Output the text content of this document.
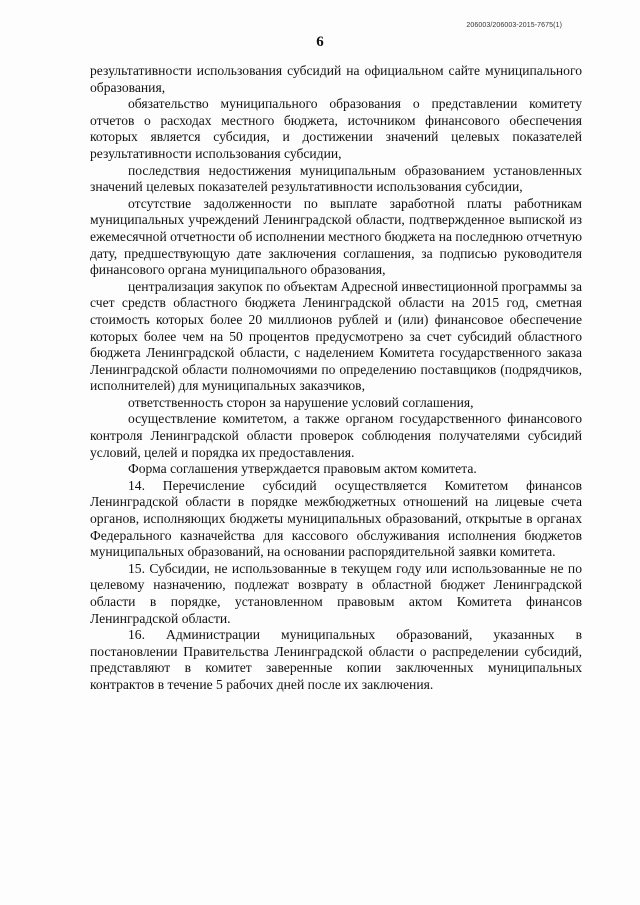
206003/206003-2015-7675(1)
6

результативности использования субсидий на официальном сайте муниципального образования,

обязательство муниципального образования о представлении комитету отчетов о расходах местного бюджета, источником финансового обеспечения которых является субсидия, и достижении значений целевых показателей результативности использования субсидии,

последствия недостижения муниципальным образованием установленных значений целевых показателей результативности использования субсидии,

отсутствие задолженности по выплате заработной платы работникам муниципальных учреждений Ленинградской области, подтвержденное выпиской из ежемесячной отчетности об исполнении местного бюджета на последнюю отчетную дату, предшествующую дате заключения соглашения, за подписью руководителя финансового органа муниципального образования,

централизация закупок по объектам Адресной инвестиционной программы за счет средств областного бюджета Ленинградской области на 2015 год, сметная стоимость которых более 20 миллионов рублей и (или) финансовое обеспечение которых более чем на 50 процентов предусмотрено за счет субсидий областного бюджета Ленинградской области, с наделением Комитета государственного заказа Ленинградской области полномочиями по определению поставщиков (подрядчиков, исполнителей) для муниципальных заказчиков,

ответственность сторон за нарушение условий соглашения,

осуществление комитетом, а также органом государственного финансового контроля Ленинградской области проверок соблюдения получателями субсидий условий, целей и порядка их предоставления.

Форма соглашения утверждается правовым актом комитета.

14. Перечисление субсидий осуществляется Комитетом финансов Ленинградской области в порядке межбюджетных отношений на лицевые счета органов, исполняющих бюджеты муниципальных образований, открытые в органах Федерального казначейства для кассового обслуживания исполнения бюджетов муниципальных образований, на основании распорядительной заявки комитета.

15. Субсидии, не использованные в текущем году или использованные не по целевому назначению, подлежат возврату в областной бюджет Ленинградской области в порядке, установленном правовым актом Комитета финансов Ленинградской области.

16. Администрации муниципальных образований, указанных в постановлении Правительства Ленинградской области о распределении субсидий, представляют в комитет заверенные копии заключенных муниципальных контрактов в течение 5 рабочих дней после их заключения.
